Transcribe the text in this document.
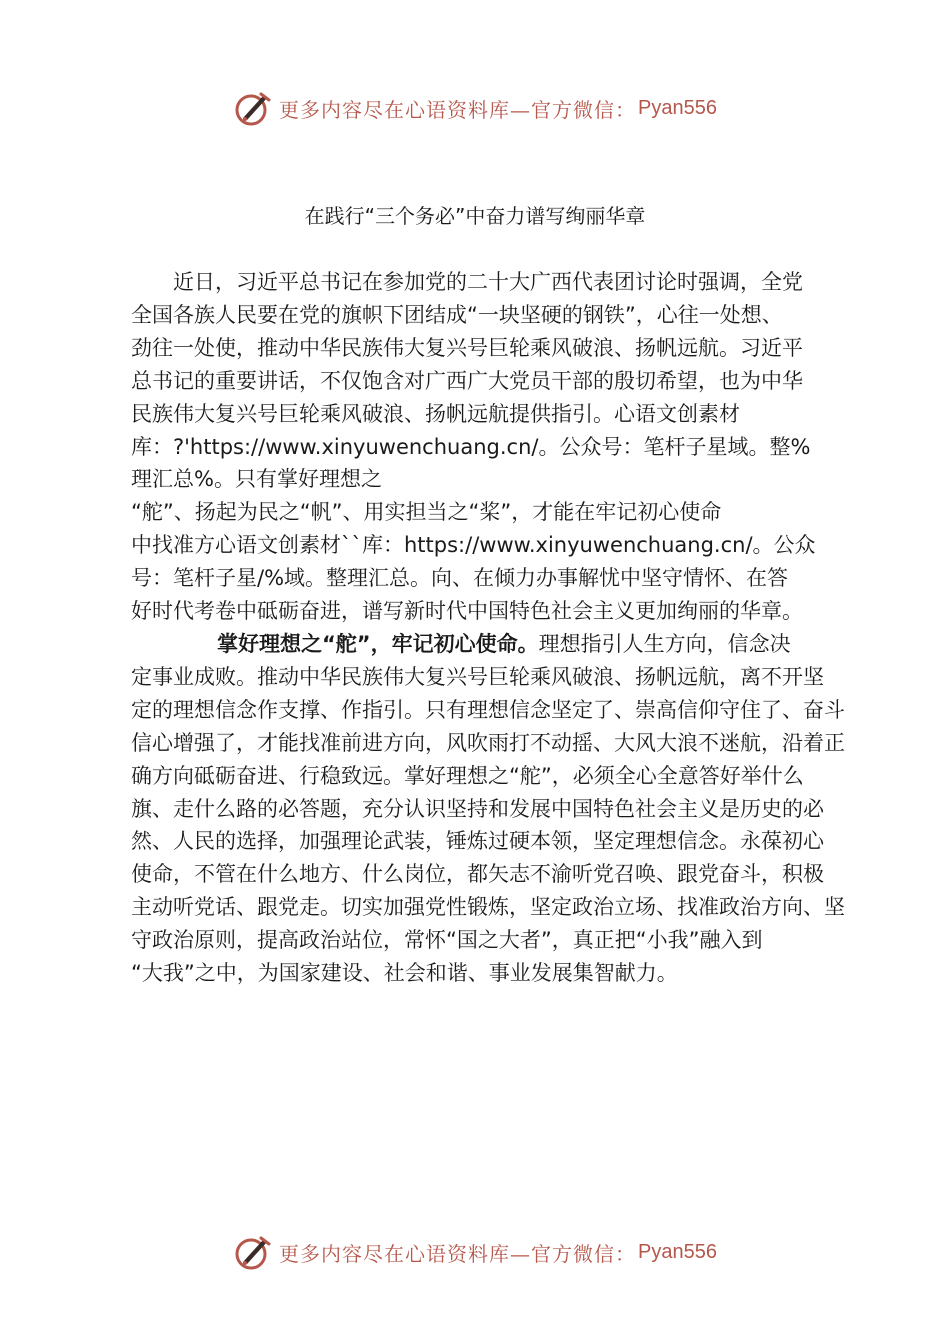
更多内容尽在心语资料库—官方微信： Pyan556
在践行“三个务必”中奋力谱写绚丽华章

近日，习近平总书记在参加党的二十大广西代表团讨论时强调，全党
全国各族人民要在党的旗帜下团结成“一块坚硬的钢铁”，心往一处想、
劲往一处使，推动中华民族伟大复兴号巨轮乘风破浪、扬帆远航。习近平
总书记的重要讲话，不仅饱含对广西广大党员干部的殷切希望，也为中华
民族伟大复兴号巨轮乘风破浪、扬帆远航提供指引。心语文创素材
库：?'https://www.xinyuwenchuang.cn/。公众号：笔杆子星域。整%
理汇总%。只有掌好理想之
“舵”、扬起为民之“帆”、用实担当之“桨”，才能在牢记初心使命
中找准方心语文创素材``库：https://www.xinyuwenchuang.cn/。公众
号：笔杆子星/%域。整理汇总。向、在倾力办事解忧中坚守情怀、在答
好时代考卷中砥砺奋进，谱写新时代中国特色社会主义更加绚丽的华章。

掌好理想之“舵”，牢记初心使命。理想指引人生方向，信念决
定事业成败。推动中华民族伟大复兴号巨轮乘风破浪、扬帆远航，离不开坚
定的理想信念作支撑、作指引。只有理想信念坚定了、崇高信仰守住了、奋斗
信心增强了，才能找准前进方向，风吹雨打不动摇、大风大浪不迷航，沿着正
确方向砥砺奋进、行稳致远。掌好理想之“舵”，必须全心全意答好举什么
旗、走什么路的必答题，充分认识坚持和发展中国特色社会主义是历史的必
然、人民的选择，加强理论武装，锤炼过硬本领，坚定理想信念。永葆初心
使命，不管在什么地方、什么岗位，都矢志不渝听党召唤、跟党奋斗，积极
主动听党话、跟党走。切实加强党性锻炼，坚定政治立场、找准政治方向、坚
守政治原则，提高政治站位，常怀“国之大者”，真正把“小我”融入到
“大我”之中，为国家建设、社会和谐、事业发展集智献力。

更多内容尽在心语资料库—官方微信： Pyan556
